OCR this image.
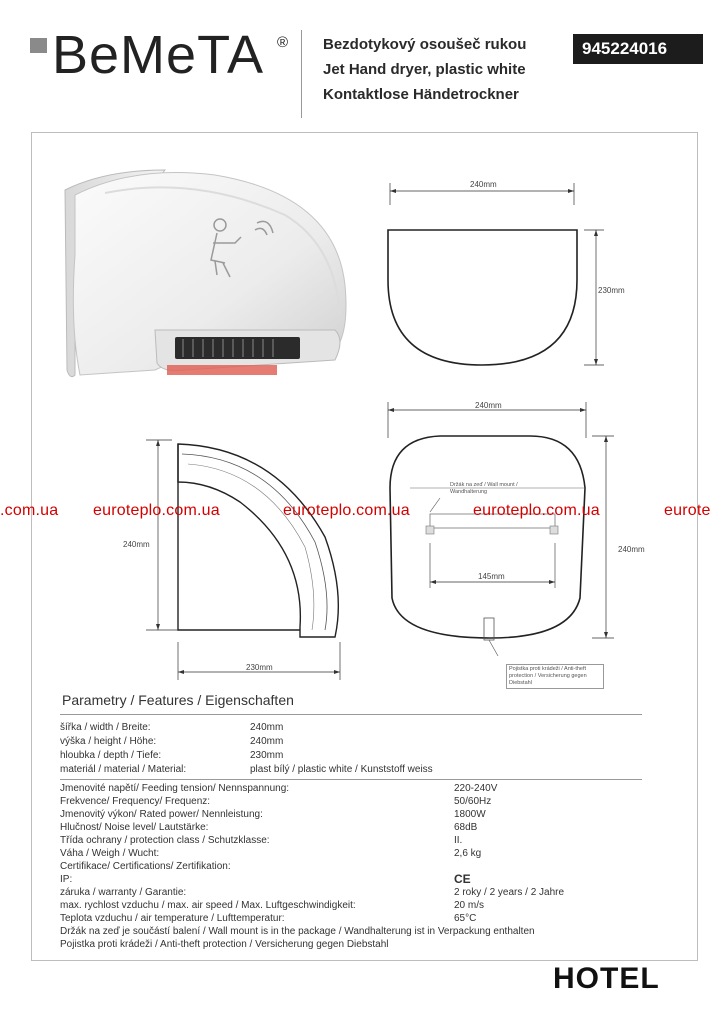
BeMeTA ® Bezdotykový osoušeč rukou
Jet Hand dryer, plastic white
Kontaktlose Händetrockner
945224016
240mm
230mm
240mm
240mm
145mm
Držák na zeď / Wall mount / Wandhalterung
Pojistka proti krádeži / Anti-theft protection / Versicherung gegen Diebstahl
240mm
230mm
.com.ua euroteplo.com.ua	euroteplo.com.ua	euroteplo.com.ua	eurote
Parametry / Features / Eigenschaften
šířka / width / Breite:	240mm
výška / height / Höhe:	240mm
hloubka / depth / Tiefe:	230mm
materiál / material / Material:	plast bílý / plastic white / Kunststoff weiss
Jmenovité napětí/ Feeding tension/ Nennspannung:	220-240V
Frekvence/ Frequency/ Frequenz:	50/60Hz
Jmenovitý výkon/ Rated power/ Nennleistung:	1800W
Hlučnost/ Noise level/ Lautstärke:	68dB
Třída ochrany / protection class / Schutzklasse:	II.
Váha / Weigh / Wucht:	2,6 kg
Certifikace/ Certifications/ Zertifikation:
IP:	CE
záruka / warranty / Garantie:	2 roky / 2 years / 2 Jahre
max. rychlost vzduchu / max. air speed / Max. Luftgeschwindigkeit:	20 m/s
Teplota vzduchu / air temperature / Lufttemperatur:	65°C
Držák na zeď je součástí balení / Wall mount is in the package / Wandhalterung ist in Verpackung enthalten
Pojistka proti krádeži / Anti-theft protection / Versicherung gegen Diebstahl
HOTEL
